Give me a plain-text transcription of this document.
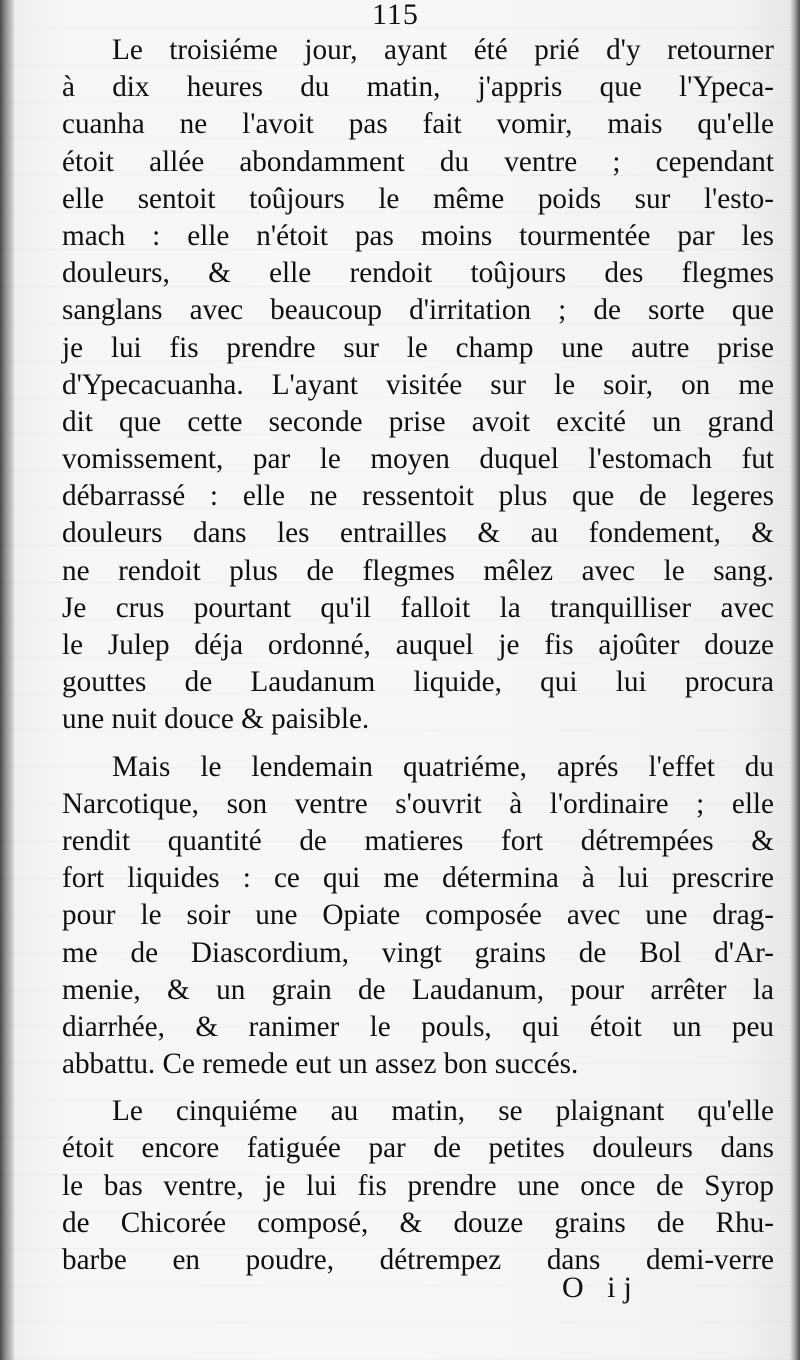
115
Le troisiéme jour, ayant été prié d'y retourner
à dix heures du matin, j'appris que l'Ypeca-
cuanha ne l'avoit pas fait vomir, mais qu'elle
étoit allée abondamment du ventre ; cependant
elle sentoit toûjours le même poids sur l'esto-
mach : elle n'étoit pas moins tourmentée par les
douleurs, & elle rendoit toûjours des flegmes
sanglans avec beaucoup d'irritation ; de sorte que
je lui fis prendre sur le champ une autre prise
d'Ypecacuanha. L'ayant visitée sur le soir, on me
dit que cette seconde prise avoit excité un grand
vomissement, par le moyen duquel l'estomach fut
débarrassé : elle ne ressentoit plus que de legeres
douleurs dans les entrailles & au fondement, &
ne rendoit plus de flegmes mêlez avec le sang.
Je crus pourtant qu'il falloit la tranquilliser avec
le Julep déja ordonné, auquel je fis ajoûter douze
gouttes de Laudanum liquide, qui lui procura
une nuit douce & paisible.
Mais le lendemain quatriéme, aprés l'effet du
Narcotique, son ventre s'ouvrit à l'ordinaire ; elle
rendit quantité de matieres fort détrempées &
fort liquides : ce qui me détermina à lui prescrire
pour le soir une Opiate composée avec une drag-
me de Diascordium, vingt grains de Bol d'Ar-
menie, & un grain de Laudanum, pour arrêter la
diarrhée, & ranimer le pouls, qui étoit un peu
abbattu. Ce remede eut un assez bon succés.
Le cinquiéme au matin, se plaignant qu'elle
étoit encore fatiguée par de petites douleurs dans
le bas ventre, je lui fis prendre une once de Syrop
de Chicorée composé, & douze grains de Rhu-
barbe en poudre, détrempez dans demi-verre
O ij
